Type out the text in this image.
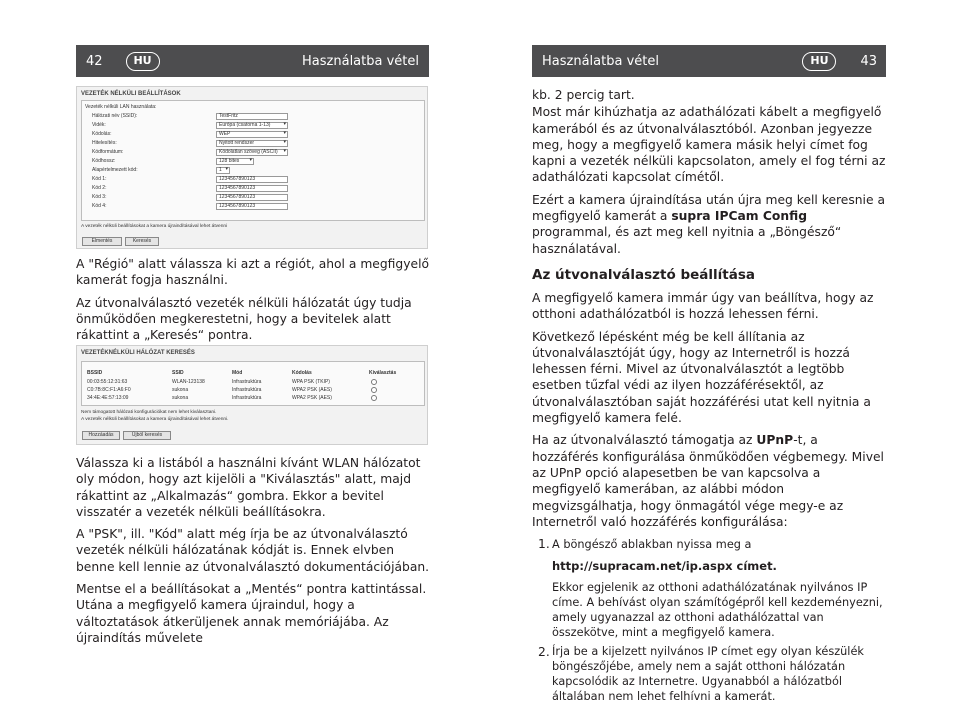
42	HU	Használatba vétel	Használatba vétel	HU	43
VEZETÉK NÉLKÜLI BEÁLLÍTÁSOK
Vezeték nélküli LAN használata:
Hálózati név (SSID):	TestFritz
Vidék:	Európa (csatorna 1-13) ▾
Kódolás:	WEP ▾
Hitelesítés:	Nyitott rendszer ▾
Kódformátum:	Kódolatlan szöveg (ASCII) ▾
Kódhossz:	128 bites ▾
Alapértelmezett kód:	1 ▾
Kód 1:	1234567890123
Kód 2:	1234567890123
Kód 3:	1234567890123
Kód 4:	1234567890123
A vezeték nélküli beállításokat a kamera újraindításával lehet átvenni
Elmentés	Keresés

A "Régió" alatt válassza ki azt a régiót, ahol a megfigyelő kamerát fogja használni.

Az útvonalválasztó vezeték nélküli hálózatát úgy tudja önműködően megkerestetni, hogy a bevitelek alatt rákattint a „Keresés“ pontra.

VEZETÉKNÉLKÜLI HÁLÓZAT KERESÉS
BSSID	SSID	Mód	Kódolás	Kiválasztás
00:03:55:12:31:63	WLAN-123138	Infrastruktúra	WPA PSK (TKIP)
C0:7B:8C:F1:A6:F0	sukona	Infrastruktúra	WPA2 PSK (AES)
34:4E:4E:57:13:09	sukona	Infrastruktúra	WPA2 PSK (AES)
Nem támogatott hálózati konfigurációkat nem lehet kiválasztani.
A vezeték nélküli beállításokat a kamera újraindításával lehet átvenni.
Hozzáadás	Újból keresés

Válassza ki a listából a használni kívánt WLAN hálózatot oly módon, hogy azt kijelöli a "Kiválasztás" alatt, majd rákattint az „Alkalmazás“ gombra. Ekkor a bevitel visszatér a vezeték nélküli beállításokra.

A "PSK", ill. "Kód" alatt még írja be az útvonalválasztó vezeték nélküli hálózatának kódját is. Ennek elvben benne kell lennie az útvonalválasztó dokumentációjában.

Mentse el a beállításokat a „Mentés“ pontra kattintással. Utána a megfigyelő kamera újraindul, hogy a változtatások átkerüljenek annak memóriájába. Az újraindítás művelete

kb. 2 percig tart.

Most már kihúzhatja az adathálózati kábelt a megfigyelő kamerából és az útvonalválasztóból. Azonban jegyezze meg, hogy a megfigyelő kamera másik helyi címet fog kapni a vezeték nélküli kapcsolaton, amely el fog térni az adathálózati kapcsolat címétől.

Ezért a kamera újraindítása után újra meg kell keresnie a megfigyelő kamerát a supra IPCam Config programmal, és azt meg kell nyitnia a „Böngésző“ használatával.

Az útvonalválasztó beállítása

A megfigyelő kamera immár úgy van beállítva, hogy az otthoni adathálózatból is hozzá lehessen férni.

Következő lépésként még be kell állítania az útvonalválasztóját úgy, hogy az Internetről is hozzá lehessen férni. Mivel az útvonalválasztót a legtöbb esetben tűzfal védi az ilyen hozzáférésektől, az útvonalválasztóban saját hozzáférési utat kell nyitnia a megfigyelő kamera felé.

Ha az útvonalválasztó támogatja az UPnP-t, a hozzáférés konfigurálása önműködően végbemegy. Mivel az UPnP opció alapesetben be van kapcsolva a megfigyelő kamerában, az alábbi módon megvizsgálhatja, hogy önmagától vége megy-e az Internetről való hozzáférés konfigurálása:

1. A böngésző ablakban nyissa meg a
http://supracam.net/ip.aspx címet.
Ekkor egjelenik az otthoni adathálózatának nyilvános IP címe. A behívást olyan számítógépről kell kezdeményezni, amely ugyanazzal az otthoni adathálózattal van összekötve, mint a megfigyelő kamera.
2. Írja be a kijelzett nyilvános IP címet egy olyan készülék böngészőjébe, amely nem a saját otthoni hálózatán kapcsolódik az Internetre. Ugyanabból a hálózatból általában nem lehet felhívni a kamerát.
